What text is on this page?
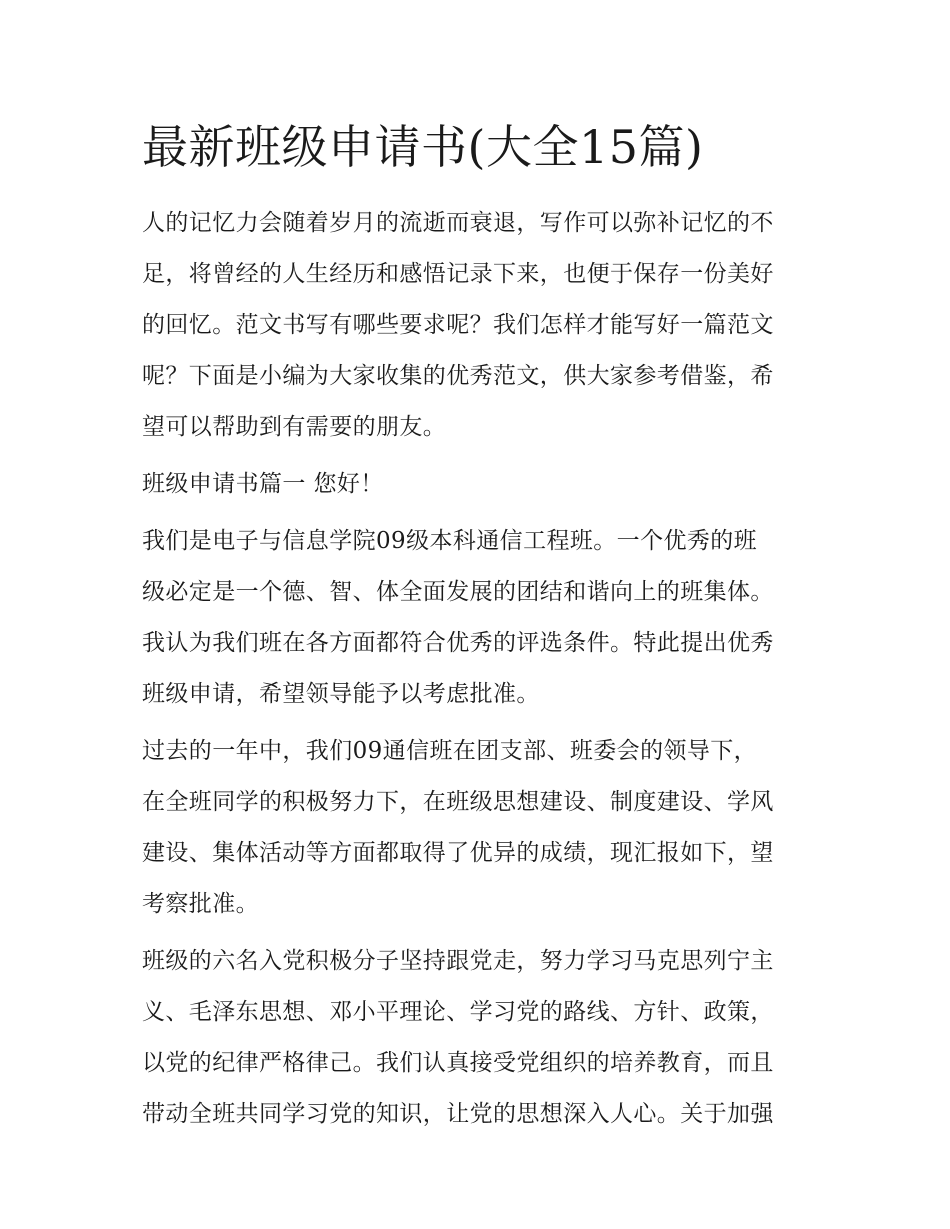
最新班级申请书(大全15篇)

人的记忆力会随着岁月的流逝而衰退，写作可以弥补记忆的不
足，将曾经的人生经历和感悟记录下来，也便于保存一份美好
的回忆。范文书写有哪些要求呢？我们怎样才能写好一篇范文
呢？下面是小编为大家收集的优秀范文，供大家参考借鉴，希
望可以帮助到有需要的朋友。

班级申请书篇一 您好！

我们是电子与信息学院09级本科通信工程班。一个优秀的班
级必定是一个德、智、体全面发展的团结和谐向上的班集体。
我认为我们班在各方面都符合优秀的评选条件。特此提出优秀
班级申请，希望领导能予以考虑批准。

过去的一年中，我们09通信班在团支部、班委会的领导下，
在全班同学的积极努力下，在班级思想建设、制度建设、学风
建设、集体活动等方面都取得了优异的成绩，现汇报如下，望
考察批准。

班级的六名入党积极分子坚持跟党走，努力学习马克思列宁主
义、毛泽东思想、邓小平理论、学习党的路线、方针、政策，
以党的纪律严格律己。我们认真接受党组织的培养教育，而且
带动全班共同学习党的知识，让党的思想深入人心。关于加强
